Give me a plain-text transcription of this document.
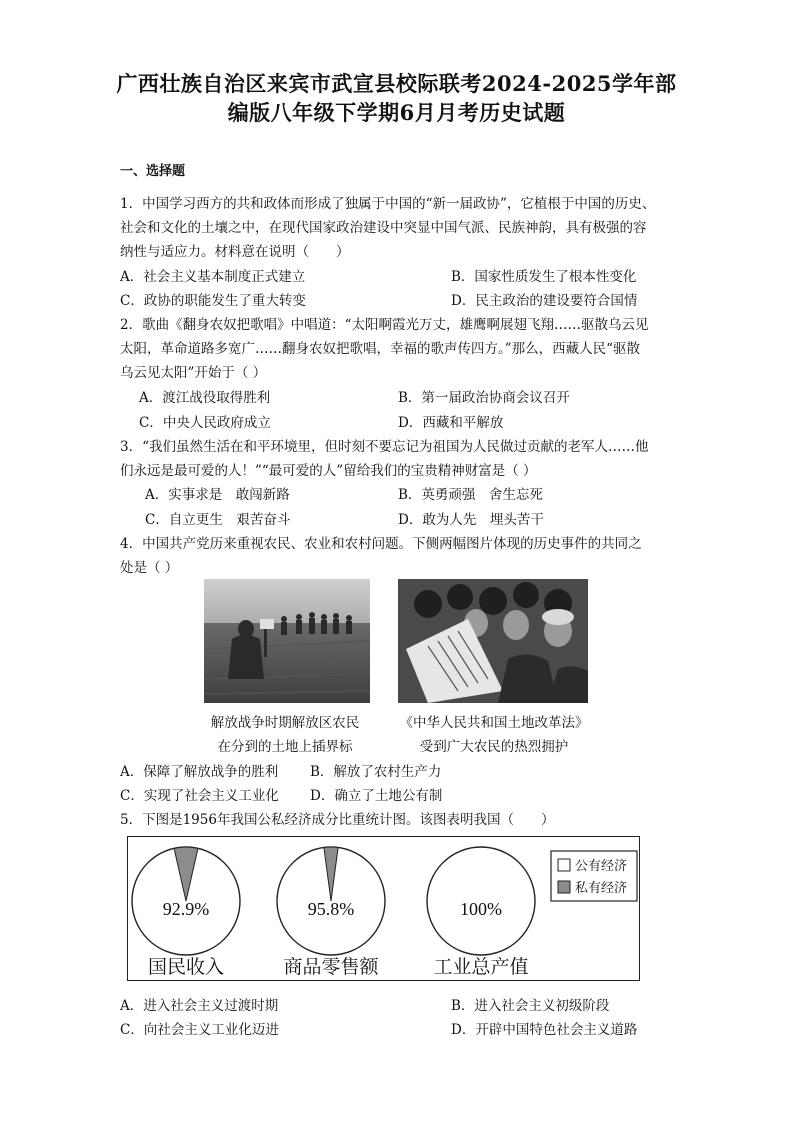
广西壮族自治区来宾市武宣县校际联考2024-2025学年部
编版八年级下学期6月月考历史试题
一、选择题
1．中国学习西方的共和政体而形成了独属于中国的“新一届政协”，它植根于中国的历史、
社会和文化的土壤之中，在现代国家政治建设中突显中国气派、民族神韵，具有极强的容
纳性与适应力。材料意在说明（　　）
A．社会主义基本制度正式建立	B．国家性质发生了根本性变化
C．政协的职能发生了重大转变	D．民主政治的建设要符合国情
2．歌曲《翻身农奴把歌唱》中唱道：“太阳啊霞光万丈，雄鹰啊展翅飞翔……驱散乌云见
太阳，革命道路多宽广……翻身农奴把歌唱，幸福的歌声传四方。”那么，西藏人民“驱散
乌云见太阳”开始于（ ）
A．渡江战役取得胜利	B．第一届政治协商会议召开
C．中央人民政府成立	D．西藏和平解放
3．“我们虽然生活在和平环境里，但时刻不要忘记为祖国为人民做过贡献的老军人……他
们永远是最可爱的人！”“最可爱的人”留给我们的宝贵精神财富是（ ）
A．实事求是　敢闯新路	B．英勇顽强　舍生忘死
C．自立更生　艰苦奋斗	D．敢为人先　埋头苦干
4．中国共产党历来重视农民、农业和农村问题。下侧两幅图片体现的历史事件的共同之
处是（ ）
解放战争时期解放区农民
在分到的土地上插界标
《中华人民共和国土地改革法》
受到广大农民的热烈拥护
A．保障了解放战争的胜利 B．解放了农村生产力
C．实现了社会主义工业化 D．确立了土地公有制
5．下图是1956年我国公私经济成分比重统计图。该图表明我国（　　）
92.9%
国民收入
95.8%
商品零售额
100%
工业总产值
公有经济
私有经济
A．进入社会主义过渡时期	B．进入社会主义初级阶段
C．向社会主义工业化迈进	D．开辟中国特色社会主义道路
